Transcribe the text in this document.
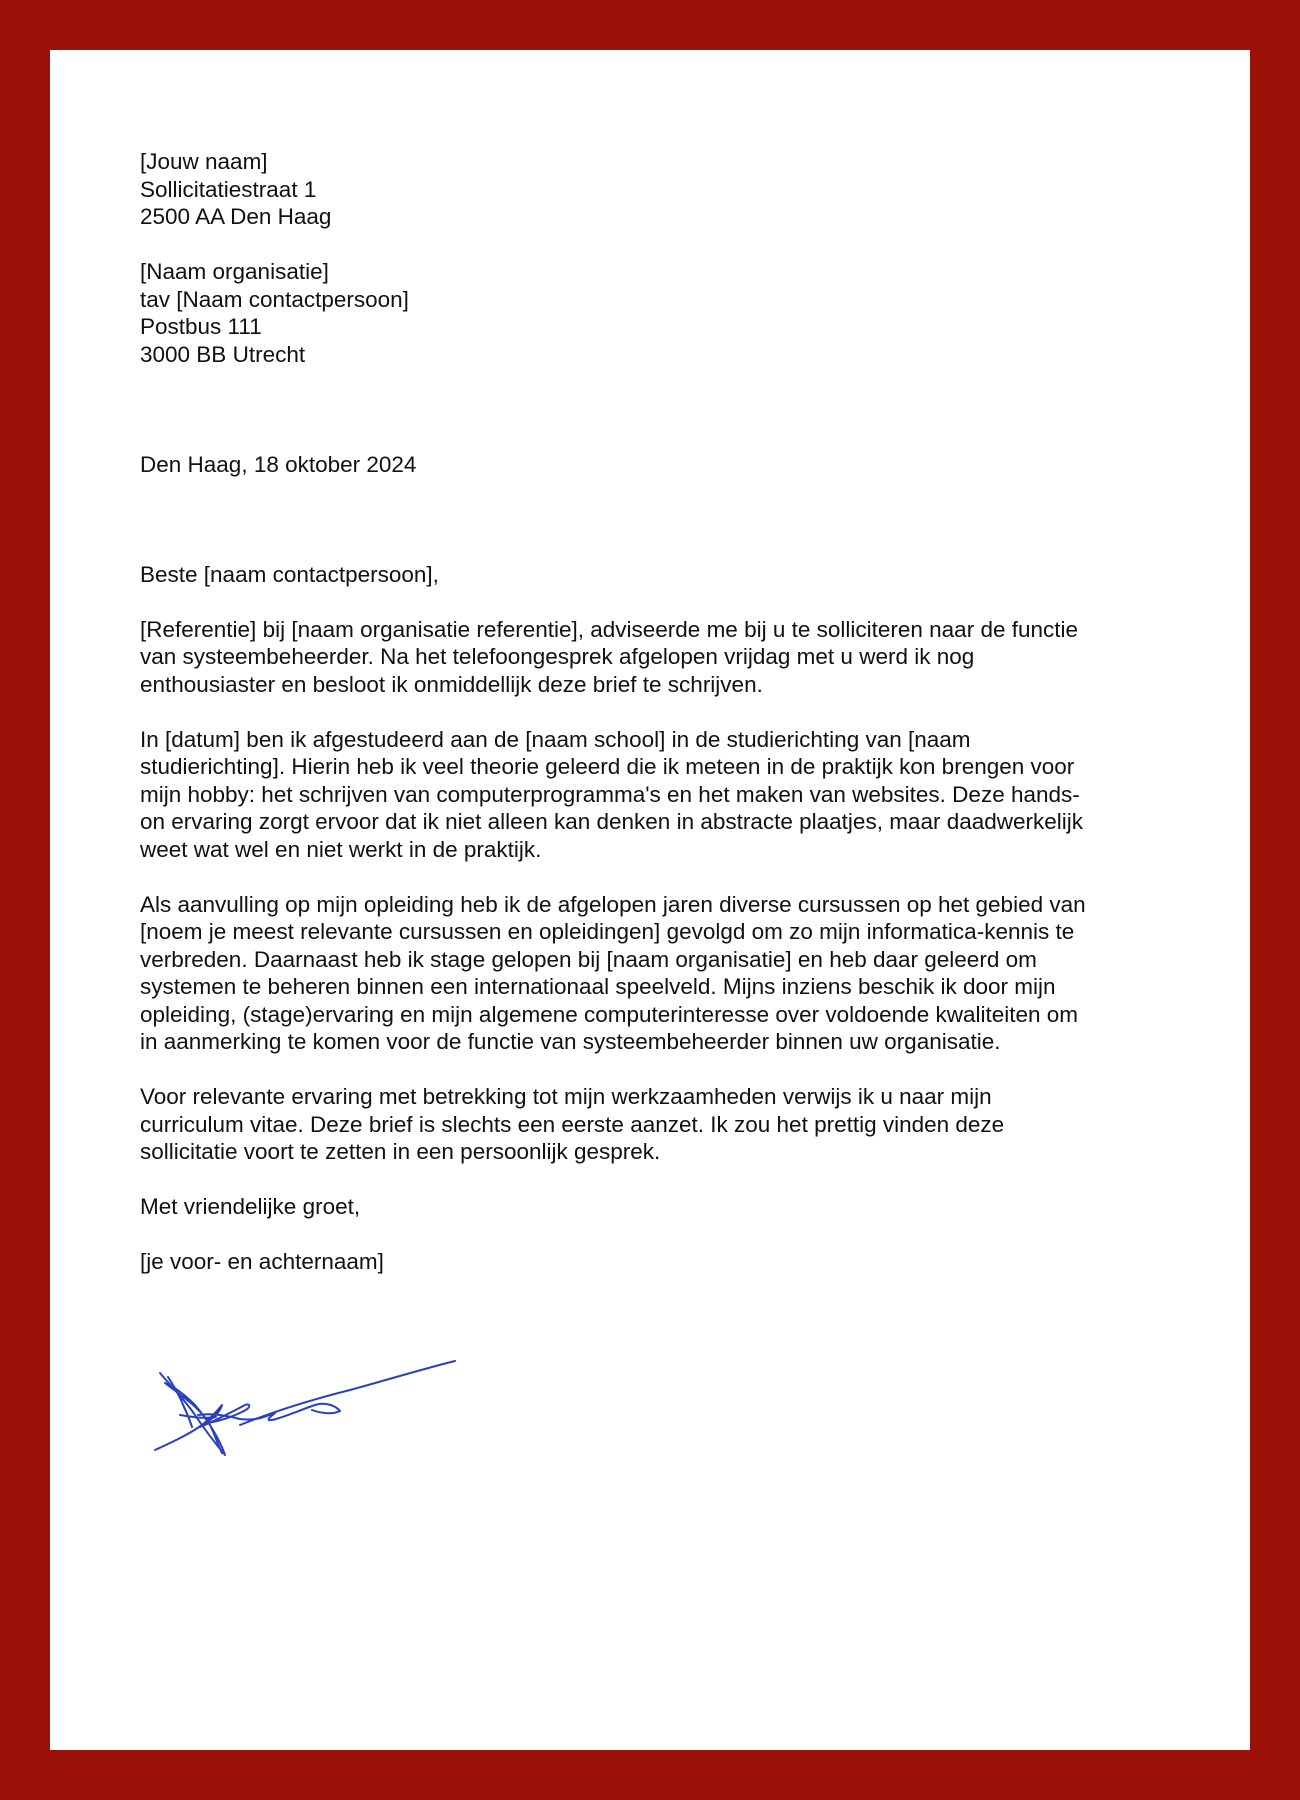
[Jouw naam]
Sollicitatiestraat 1
2500 AA Den Haag
[Naam organisatie]
tav [Naam contactpersoon]
Postbus 111
3000 BB Utrecht
Den Haag, 18 oktober 2024
Beste [naam contactpersoon],
[Referentie] bij [naam organisatie referentie], adviseerde me bij u te solliciteren naar de functie
van systeembeheerder. Na het telefoongesprek afgelopen vrijdag met u werd ik nog
enthousiaster en besloot ik onmiddellijk deze brief te schrijven.
In [datum] ben ik afgestudeerd aan de [naam school] in de studierichting van [naam
studierichting]. Hierin heb ik veel theorie geleerd die ik meteen in de praktijk kon brengen voor
mijn hobby: het schrijven van computerprogramma's en het maken van websites. Deze hands-
on ervaring zorgt ervoor dat ik niet alleen kan denken in abstracte plaatjes, maar daadwerkelijk
weet wat wel en niet werkt in de praktijk.
Als aanvulling op mijn opleiding heb ik de afgelopen jaren diverse cursussen op het gebied van
[noem je meest relevante cursussen en opleidingen] gevolgd om zo mijn informatica-kennis te
verbreden. Daarnaast heb ik stage gelopen bij [naam organisatie] en heb daar geleerd om
systemen te beheren binnen een internationaal speelveld. Mijns inziens beschik ik door mijn
opleiding, (stage)ervaring en mijn algemene computerinteresse over voldoende kwaliteiten om
in aanmerking te komen voor de functie van systeembeheerder binnen uw organisatie.
Voor relevante ervaring met betrekking tot mijn werkzaamheden verwijs ik u naar mijn
curriculum vitae. Deze brief is slechts een eerste aanzet. Ik zou het prettig vinden deze
sollicitatie voort te zetten in een persoonlijk gesprek.
Met vriendelijke groet,
[je voor- en achternaam]
